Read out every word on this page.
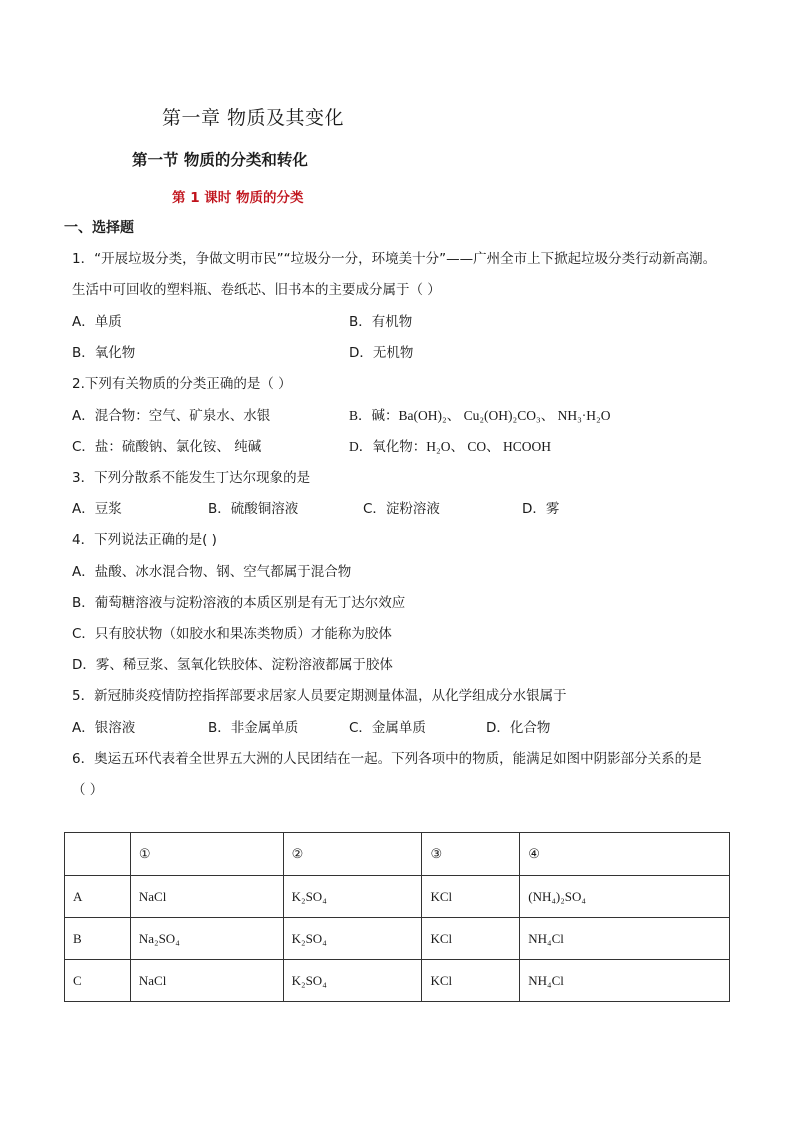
第一章 物质及其变化
第一节 物质的分类和转化
第 1 课时 物质的分类
一、选择题
1．“开展垃圾分类，争做文明市民”“垃圾分一分，环境美十分”——广州全市上下掀起垃圾分类行动新高潮。
生活中可回收的塑料瓶、卷纸芯、旧书本的主要成分属于（ ）
A．单质	B．有机物
B．氧化物	D．无机物
2.下列有关物质的分类正确的是（ ）
A．混合物：空气、矿泉水、水银	B．碱：Ba(OH)₂、 Cu₂(OH)₂CO₃、 NH₃·H₂O
C．盐：硫酸钠、氯化铵、 纯碱	D．氧化物：H₂O、 CO、 HCOOH
3．下列分散系不能发生丁达尔现象的是
A．豆浆	B．硫酸铜溶液	C．淀粉溶液	D．雾
4．下列说法正确的是( )
A．盐酸、冰水混合物、钢、空气都属于混合物
B．葡萄糖溶液与淀粉溶液的本质区别是有无丁达尔效应
C．只有胶状物（如胶水和果冻类物质）才能称为胶体
D．雾、稀豆浆、氢氧化铁胶体、淀粉溶液都属于胶体
5．新冠肺炎疫情防控指挥部要求居家人员要定期测量体温，从化学组成分水银属于
A．银溶液	B．非金属单质	C．金属单质	D．化合物
6．奥运五环代表着全世界五大洲的人民团结在一起。下列各项中的物质，能满足如图中阴影部分关系的是
（ ）
	①	②	③	④
A	NaCl	K₂SO₄	KCl	(NH₄)₂SO₄
B	Na₂SO₄	K₂SO₄	KCl	NH₄Cl
C	NaCl	K₂SO₄	KCl	NH₄Cl
